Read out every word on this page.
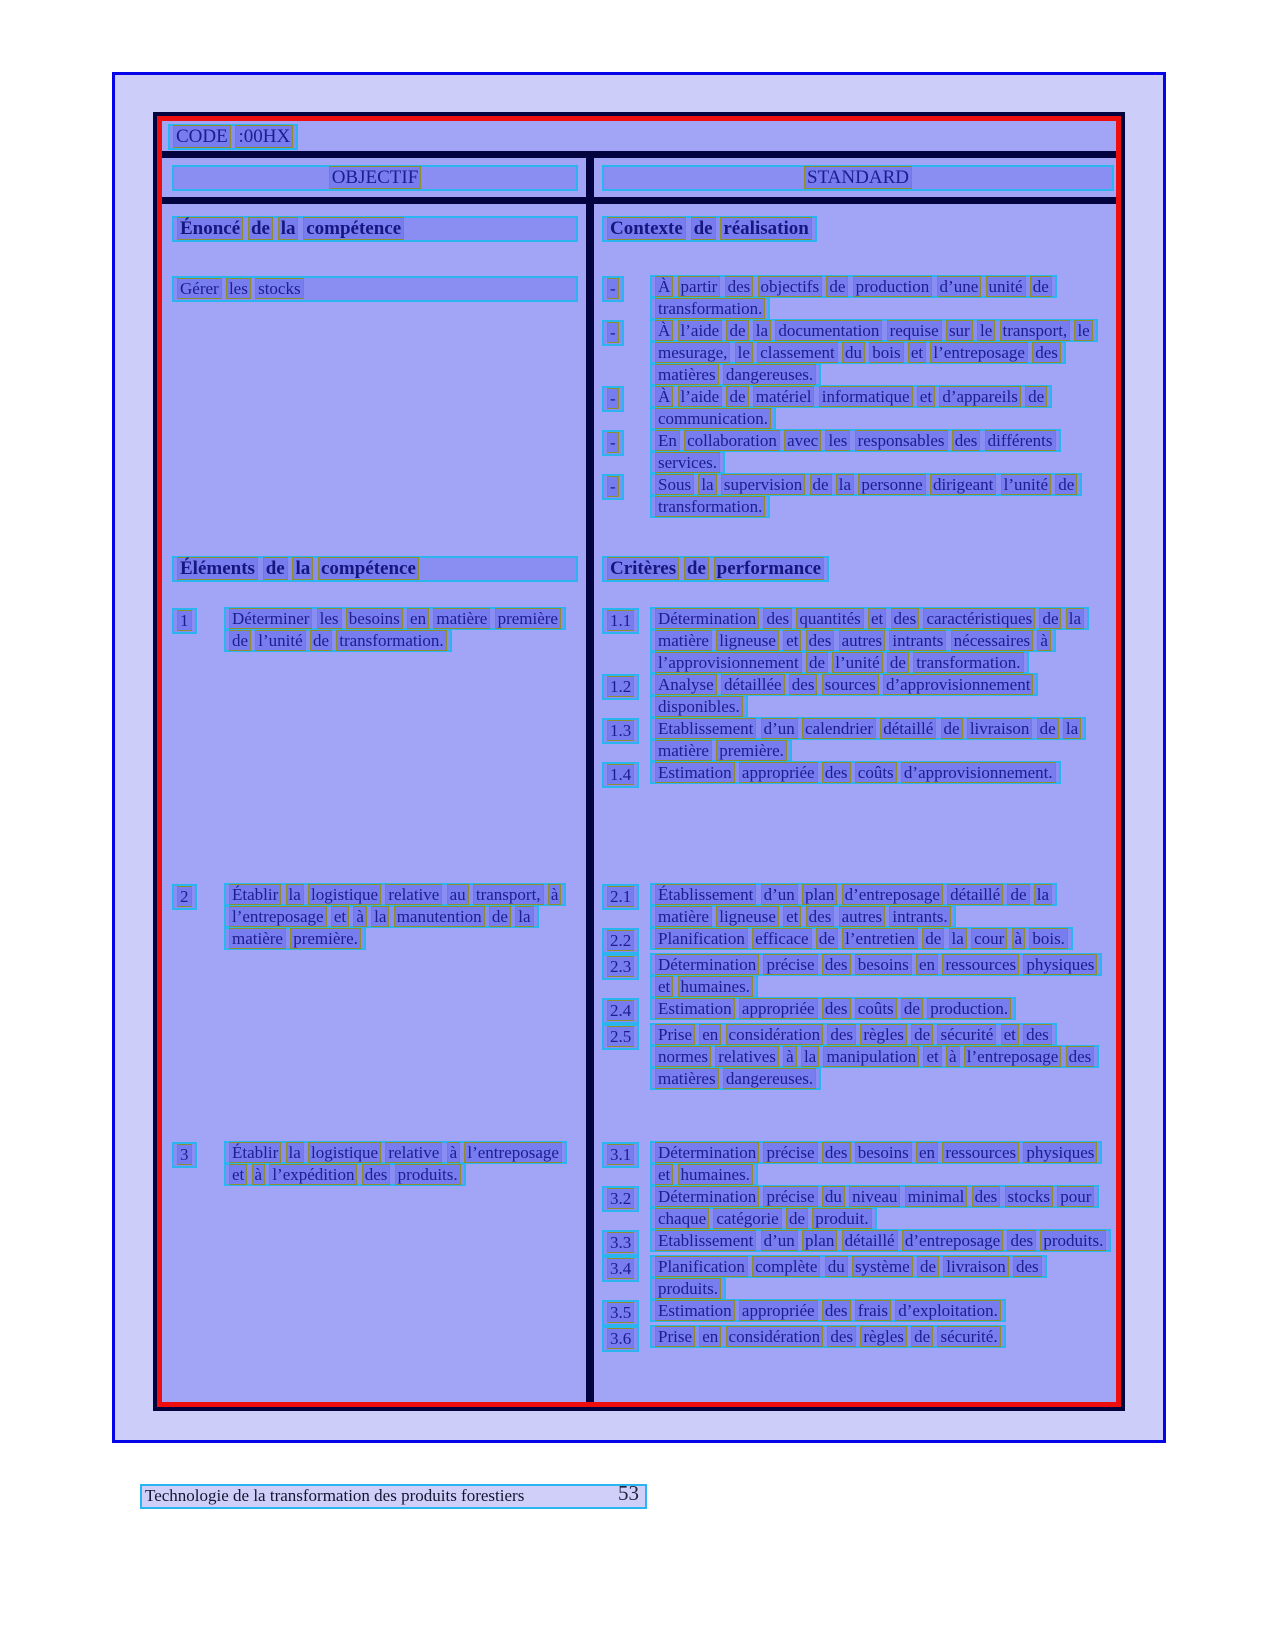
CODE :00HX
OBJECTIF	STANDARD
Énoncé de la compétence	Contexte de réalisation
Gérer les stocks	-	À partir des objectifs de production d’une unité de transformation.
-	À l’aide de la documentation requise sur le transport, le mesurage, le classement du bois et l’entreposage des matières dangereuses.
-	À l’aide de matériel informatique et d’appareils de communication.
-	En collaboration avec les responsables des différents services.
-	Sous la supervision de la personne dirigeant l’unité de transformation.
Éléments de la compétence	Critères de performance
1	Déterminer les besoins en matière première de l’unité de transformation.
1.1	Détermination des quantités et des caractéristiques de la matière ligneuse et des autres intrants nécessaires à l’approvisionnement de l’unité de transformation.
1.2	Analyse détaillée des sources d’approvisionnement disponibles.
1.3	Etablissement d’un calendrier détaillé de livraison de la matière première.
1.4	Estimation appropriée des coûts d’approvisionnement.
2	Établir la logistique relative au transport, à l’entreposage et à la manutention de la matière première.
2.1	Établissement d’un plan d’entreposage détaillé de la matière ligneuse et des autres intrants.
2.2	Planification efficace de l’entretien de la cour à bois.
2.3	Détermination précise des besoins en ressources physiques et humaines.
2.4	Estimation appropriée des coûts de production.
2.5	Prise en considération des règles de sécurité et des normes relatives à la manipulation et à l’entreposage des matières dangereuses.
3	Établir la logistique relative à l’entreposage et à l’expédition des produits.
3.1	Détermination précise des besoins en ressources physiques et humaines.
3.2	Détermination précise du niveau minimal des stocks pour chaque catégorie de produit.
3.3	Etablissement d’un plan détaillé d’entreposage des produits.
3.4	Planification complète du système de livraison des produits.
3.5	Estimation appropriée des frais d’exploitation.
3.6	Prise en considération des règles de sécurité.
Technologie de la transformation des produits forestiers	53
